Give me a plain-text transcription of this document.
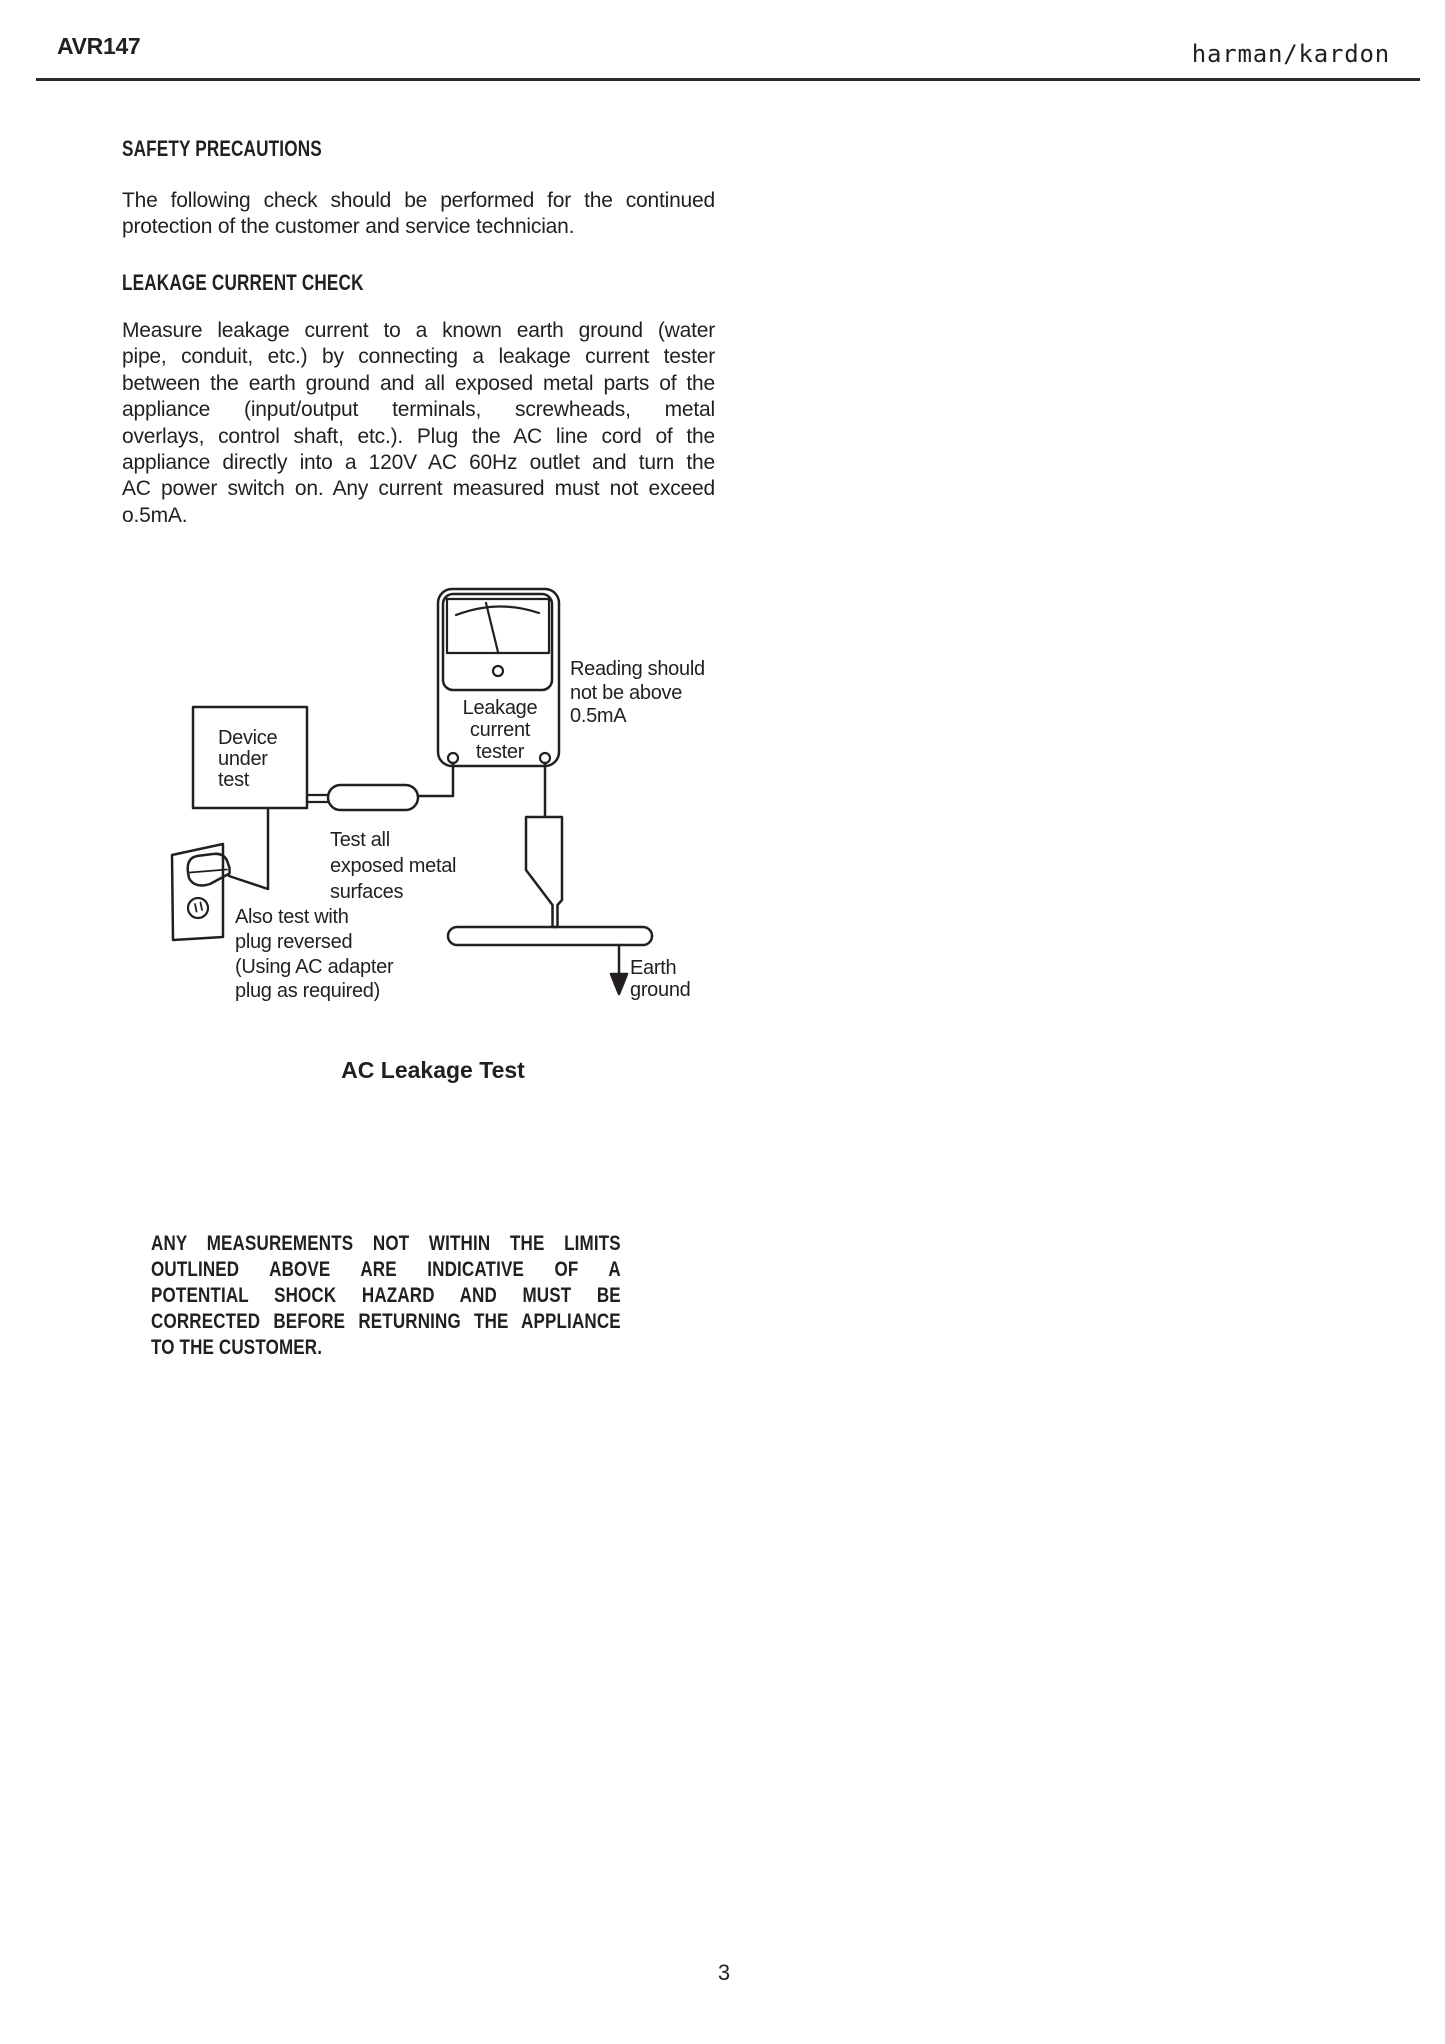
AVR147	harman/kardon
SAFETY PRECAUTIONS
The following check should be performed for the continued
protection of the customer and service technician.
LEAKAGE CURRENT CHECK
Measure leakage current to a known earth ground (water
pipe, conduit, etc.) by connecting a leakage current tester
between the earth ground and all exposed metal parts of the
appliance (input/output terminals, screwheads, metal
overlays, control shaft, etc.). Plug the AC line cord of the
appliance directly into a 120V AC 60Hz outlet and turn the
AC power switch on. Any current measured must not exceed
o.5mA.
Leakage
current
tester
Reading should
not be above
0.5mA
Device
under
test
Test all
exposed metal
surfaces
Also test with
plug reversed
(Using AC adapter
plug as required)
Earth
ground
AC Leakage Test
ANY MEASUREMENTS NOT WITHIN THE LIMITS
OUTLINED ABOVE ARE INDICATIVE OF A
POTENTIAL SHOCK HAZARD AND MUST BE
CORRECTED BEFORE RETURNING THE APPLIANCE
TO THE CUSTOMER.
3
